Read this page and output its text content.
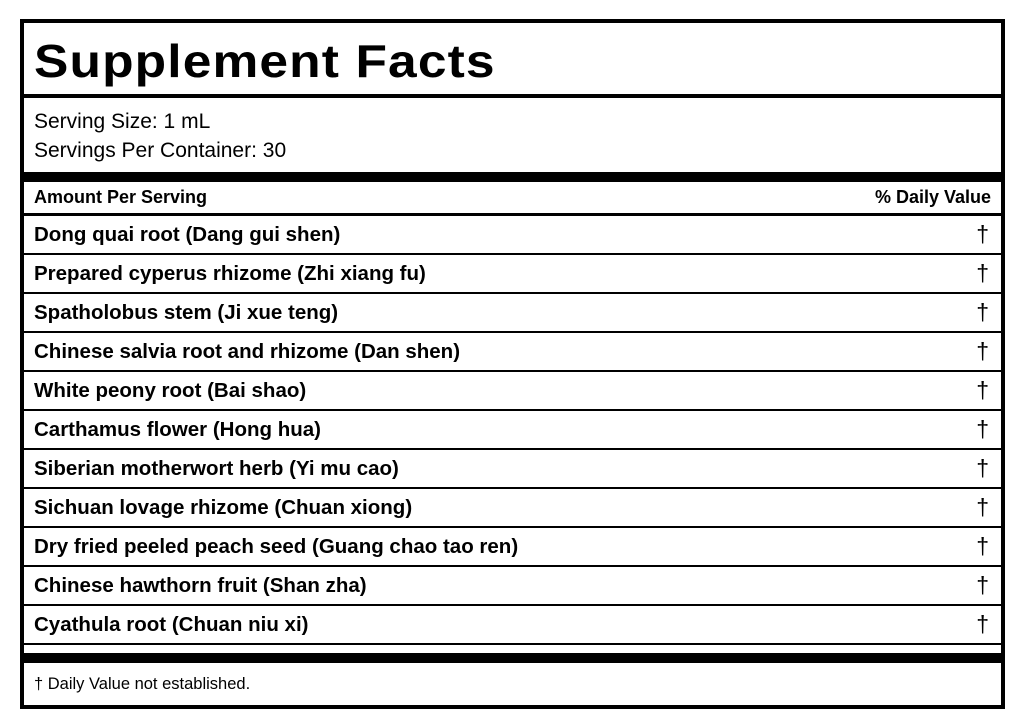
Supplement Facts
Serving Size: 1 mL
Servings Per Container: 30
Amount Per Serving	% Daily Value
Dong quai root (Dang gui shen)	†
Prepared cyperus rhizome (Zhi xiang fu)	†
Spatholobus stem (Ji xue teng)	†
Chinese salvia root and rhizome (Dan shen)	†
White peony root (Bai shao)	†
Carthamus flower (Hong hua)	†
Siberian motherwort herb (Yi mu cao)	†
Sichuan lovage rhizome (Chuan xiong)	†
Dry fried peeled peach seed (Guang chao tao ren)	†
Chinese hawthorn fruit (Shan zha)	†
Cyathula root (Chuan niu xi)	†
† Daily Value not established.
